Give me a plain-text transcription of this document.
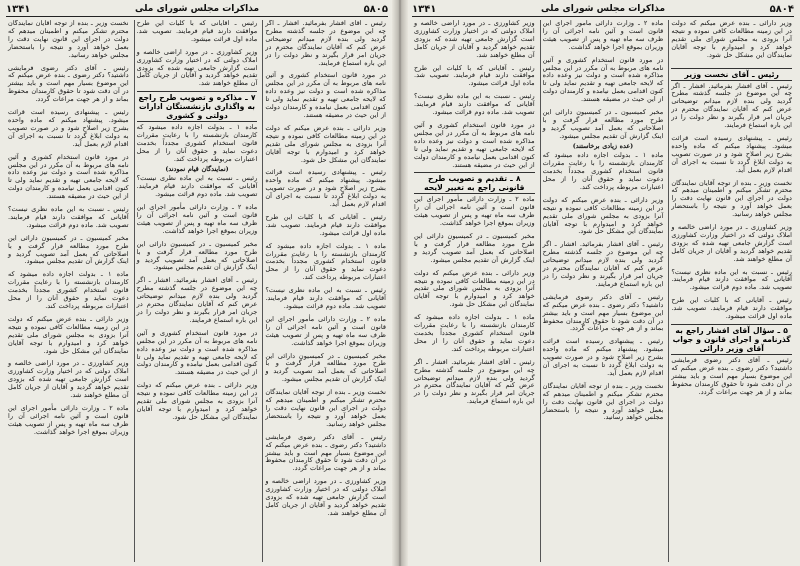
۵۸۰۵
مذاکرات مجلس شورای ملی
۱۳۴۱

رئیس ـ آقای افشار بفرمائید. افشار ـ اگر چه این موضوع در جلسه گذشته مطرح گردید ولی بنده لازم میدانم توضیحاتی عرض کنم که آقایان نمایندگان محترم در جریان امر قرار بگیرند و نظر دولت را در این باره استماع فرمایند.

در مورد قانون استخدام کشوری و آئین نامه های مربوط به آن مکرر در این مجلس مذاکره شده است و دولت نیز وعده داده که لایحه جامعی تهیه و تقدیم نماید ولی تا کنون اقدامی بعمل نیامده و کارمندان دولت از این حیث در مضیقه هستند.

وزیر دارائی ـ بنده عرض میکنم که دولت در این زمینه مطالعات کافی نموده و نتیجه آنرا بزودی به مجلس شورای ملی تقدیم خواهد کرد و امیدوارم با توجه آقایان نمایندگان این مشکل حل شود.

رئیس ـ پیشنهادی رسیده است قرائت میشود. پیشنهاد میکنم که ماده واحده بشرح زیر اصلاح شود و در صورت تصویب به دولت ابلاغ گردد تا نسبت به اجرای آن اقدام لازم بعمل آید.

رئیس ـ آقایانی که با کلیات این طرح موافقت دارند قیام فرمایند. تصویب شد. ماده اول قرائت میشود.

ماده ۱ ـ بدولت اجازه داده میشود که کارمندان بازنشسته را با رعایت مقررات قانون استخدام کشوری مجدداً بخدمت دعوت نماید و حقوق آنان را از محل اعتبارات مربوطه پرداخت کند.

رئیس ـ نسبت به این ماده نظری نیست؟ آقایانی که موافقت دارند قیام فرمایند. تصویب شد. ماده دوم قرائت میشود.

ماده ۲ ـ وزارت دارائی مأمور اجرای این قانون است و آئین نامه اجرائی آن را ظرف سه ماه تهیه و پس از تصویب هیئت وزیران بموقع اجرا خواهد گذاشت.

مخبر کمیسیون ـ در کمیسیون دارائی این طرح مورد مطالعه قرار گرفت و با اصلاحاتی که بعمل آمد تصویب گردید و اینک گزارش آن تقدیم مجلس میشود.

نخست وزیر ـ بنده از توجه آقایان نمایندگان محترم تشکر میکنم و اطمینان میدهم که دولت در اجرای این قانون نهایت دقت را بعمل خواهد آورد و نتیجه را باستحضار مجلس خواهد رسانید.

رئیس ـ آقای دکتر رضوی فرمایشی داشتید؟ دکتر رضوی ـ بنده عرض میکنم که این موضوع بسیار مهم است و باید بیشتر در آن دقت شود تا حقوق کارمندان محفوظ بماند و از هر جهت مراعات گردد.

وزیر کشاورزی ـ در مورد اراضی خالصه و املاک دولتی که در اختیار وزارت کشاورزی است گزارش جامعی تهیه شده که بزودی تقدیم خواهد گردید و آقایان از جریان کامل آن مطلع خواهند شد.

رئیس ـ آقایانی که با کلیات این طرح موافقت دارند قیام فرمایند. تصویب شد. ماده اول قرائت میشود.

وزیر کشاورزی ـ در مورد اراضی خالصه و املاک دولتی که در اختیار وزارت کشاورزی است گزارش جامعی تهیه شده که بزودی تقدیم خواهد گردید و آقایان از جریان کامل آن مطلع خواهند شد.

۷ ـ مذاکره و تصویب طرح راجع به واگذاری بازنشستگان ادارات دولتی و کشوری

ماده ۱ ـ بدولت اجازه داده میشود که کارمندان بازنشسته را با رعایت مقررات قانون استخدام کشوری مجدداً بخدمت دعوت نماید و حقوق آنان را از محل اعتبارات مربوطه پرداخت کند.

(نمایندگان قیام نمودند)

رئیس ـ نسبت به این ماده نظری نیست؟ آقایانی که موافقت دارند قیام فرمایند. تصویب شد. ماده دوم قرائت میشود.

ماده ۲ ـ وزارت دارائی مأمور اجرای این قانون است و آئین نامه اجرائی آن را ظرف سه ماه تهیه و پس از تصویب هیئت وزیران بموقع اجرا خواهد گذاشت.

مخبر کمیسیون ـ در کمیسیون دارائی این طرح مورد مطالعه قرار گرفت و با اصلاحاتی که بعمل آمد تصویب گردید و اینک گزارش آن تقدیم مجلس میشود.

رئیس ـ آقای افشار بفرمائید. افشار ـ اگر چه این موضوع در جلسه گذشته مطرح گردید ولی بنده لازم میدانم توضیحاتی عرض کنم که آقایان نمایندگان محترم در جریان امر قرار بگیرند و نظر دولت را در این باره استماع فرمایند.

در مورد قانون استخدام کشوری و آئین نامه های مربوط به آن مکرر در این مجلس مذاکره شده است و دولت نیز وعده داده که لایحه جامعی تهیه و تقدیم نماید ولی تا کنون اقدامی بعمل نیامده و کارمندان دولت از این حیث در مضیقه هستند.

وزیر دارائی ـ بنده عرض میکنم که دولت در این زمینه مطالعات کافی نموده و نتیجه آنرا بزودی به مجلس شورای ملی تقدیم خواهد کرد و امیدوارم با توجه آقایان نمایندگان این مشکل حل شود.

نخست وزیر ـ بنده از توجه آقایان نمایندگان محترم تشکر میکنم و اطمینان میدهم که دولت در اجرای این قانون نهایت دقت را بعمل خواهد آورد و نتیجه را باستحضار مجلس خواهد رسانید.

رئیس ـ آقای دکتر رضوی فرمایشی داشتید؟ دکتر رضوی ـ بنده عرض میکنم که این موضوع بسیار مهم است و باید بیشتر در آن دقت شود تا حقوق کارمندان محفوظ بماند و از هر جهت مراعات گردد.

رئیس ـ پیشنهادی رسیده است قرائت میشود. پیشنهاد میکنم که ماده واحده بشرح زیر اصلاح شود و در صورت تصویب به دولت ابلاغ گردد تا نسبت به اجرای آن اقدام لازم بعمل آید.

در مورد قانون استخدام کشوری و آئین نامه های مربوط به آن مکرر در این مجلس مذاکره شده است و دولت نیز وعده داده که لایحه جامعی تهیه و تقدیم نماید ولی تا کنون اقدامی بعمل نیامده و کارمندان دولت از این حیث در مضیقه هستند.

رئیس ـ نسبت به این ماده نظری نیست؟ آقایانی که موافقت دارند قیام فرمایند. تصویب شد. ماده دوم قرائت میشود.

مخبر کمیسیون ـ در کمیسیون دارائی این طرح مورد مطالعه قرار گرفت و با اصلاحاتی که بعمل آمد تصویب گردید و اینک گزارش آن تقدیم مجلس میشود.

ماده ۱ ـ بدولت اجازه داده میشود که کارمندان بازنشسته را با رعایت مقررات قانون استخدام کشوری مجدداً بخدمت دعوت نماید و حقوق آنان را از محل اعتبارات مربوطه پرداخت کند.

وزیر دارائی ـ بنده عرض میکنم که دولت در این زمینه مطالعات کافی نموده و نتیجه آنرا بزودی به مجلس شورای ملی تقدیم خواهد کرد و امیدوارم با توجه آقایان نمایندگان این مشکل حل شود.

وزیر کشاورزی ـ در مورد اراضی خالصه و املاک دولتی که در اختیار وزارت کشاورزی است گزارش جامعی تهیه شده که بزودی تقدیم خواهد گردید و آقایان از جریان کامل آن مطلع خواهند شد.

ماده ۲ ـ وزارت دارائی مأمور اجرای این قانون است و آئین نامه اجرائی آن را ظرف سه ماه تهیه و پس از تصویب هیئت وزیران بموقع اجرا خواهد گذاشت.

۵۸۰۴
مذاکرات مجلس شورای ملی
۱۳۴۱

وزیر دارائی ـ بنده عرض میکنم که دولت در این زمینه مطالعات کافی نموده و نتیجه آنرا بزودی به مجلس شورای ملی تقدیم خواهد کرد و امیدوارم با توجه آقایان نمایندگان این مشکل حل شود.

رئیس ـ آقای نخست وزیر

رئیس ـ آقای افشار بفرمائید. افشار ـ اگر چه این موضوع در جلسه گذشته مطرح گردید ولی بنده لازم میدانم توضیحاتی عرض کنم که آقایان نمایندگان محترم در جریان امر قرار بگیرند و نظر دولت را در این باره استماع فرمایند.

رئیس ـ پیشنهادی رسیده است قرائت میشود. پیشنهاد میکنم که ماده واحده بشرح زیر اصلاح شود و در صورت تصویب به دولت ابلاغ گردد تا نسبت به اجرای آن اقدام لازم بعمل آید.

نخست وزیر ـ بنده از توجه آقایان نمایندگان محترم تشکر میکنم و اطمینان میدهم که دولت در اجرای این قانون نهایت دقت را بعمل خواهد آورد و نتیجه را باستحضار مجلس خواهد رسانید.

وزیر کشاورزی ـ در مورد اراضی خالصه و املاک دولتی که در اختیار وزارت کشاورزی است گزارش جامعی تهیه شده که بزودی تقدیم خواهد گردید و آقایان از جریان کامل آن مطلع خواهند شد.

رئیس ـ نسبت به این ماده نظری نیست؟ آقایانی که موافقت دارند قیام فرمایند. تصویب شد. ماده دوم قرائت میشود.

رئیس ـ آقایانی که با کلیات این طرح موافقت دارند قیام فرمایند. تصویب شد. ماده اول قرائت میشود.

۵ ـ سؤال آقای افشار راجع به گذرنامه و اجرای قانون و جواب آقای وزیر دارائی

رئیس ـ آقای دکتر رضوی فرمایشی داشتید؟ دکتر رضوی ـ بنده عرض میکنم که این موضوع بسیار مهم است و باید بیشتر در آن دقت شود تا حقوق کارمندان محفوظ بماند و از هر جهت مراعات گردد.

ماده ۲ ـ وزارت دارائی مأمور اجرای این قانون است و آئین نامه اجرائی آن را ظرف سه ماه تهیه و پس از تصویب هیئت وزیران بموقع اجرا خواهد گذاشت.

در مورد قانون استخدام کشوری و آئین نامه های مربوط به آن مکرر در این مجلس مذاکره شده است و دولت نیز وعده داده که لایحه جامعی تهیه و تقدیم نماید ولی تا کنون اقدامی بعمل نیامده و کارمندان دولت از این حیث در مضیقه هستند.

مخبر کمیسیون ـ در کمیسیون دارائی این طرح مورد مطالعه قرار گرفت و با اصلاحاتی که بعمل آمد تصویب گردید و اینک گزارش آن تقدیم مجلس میشود.

(عده زیادی برخاستند)

ماده ۱ ـ بدولت اجازه داده میشود که کارمندان بازنشسته را با رعایت مقررات قانون استخدام کشوری مجدداً بخدمت دعوت نماید و حقوق آنان را از محل اعتبارات مربوطه پرداخت کند.

وزیر دارائی ـ بنده عرض میکنم که دولت در این زمینه مطالعات کافی نموده و نتیجه آنرا بزودی به مجلس شورای ملی تقدیم خواهد کرد و امیدوارم با توجه آقایان نمایندگان این مشکل حل شود.

رئیس ـ آقای افشار بفرمائید. افشار ـ اگر چه این موضوع در جلسه گذشته مطرح گردید ولی بنده لازم میدانم توضیحاتی عرض کنم که آقایان نمایندگان محترم در جریان امر قرار بگیرند و نظر دولت را در این باره استماع فرمایند.

رئیس ـ آقای دکتر رضوی فرمایشی داشتید؟ دکتر رضوی ـ بنده عرض میکنم که این موضوع بسیار مهم است و باید بیشتر در آن دقت شود تا حقوق کارمندان محفوظ بماند و از هر جهت مراعات گردد.

رئیس ـ پیشنهادی رسیده است قرائت میشود. پیشنهاد میکنم که ماده واحده بشرح زیر اصلاح شود و در صورت تصویب به دولت ابلاغ گردد تا نسبت به اجرای آن اقدام لازم بعمل آید.

نخست وزیر ـ بنده از توجه آقایان نمایندگان محترم تشکر میکنم و اطمینان میدهم که دولت در اجرای این قانون نهایت دقت را بعمل خواهد آورد و نتیجه را باستحضار مجلس خواهد رسانید.

وزیر کشاورزی ـ در مورد اراضی خالصه و املاک دولتی که در اختیار وزارت کشاورزی است گزارش جامعی تهیه شده که بزودی تقدیم خواهد گردید و آقایان از جریان کامل آن مطلع خواهند شد.

رئیس ـ آقایانی که با کلیات این طرح موافقت دارند قیام فرمایند. تصویب شد. ماده اول قرائت میشود.

رئیس ـ نسبت به این ماده نظری نیست؟ آقایانی که موافقت دارند قیام فرمایند. تصویب شد. ماده دوم قرائت میشود.

در مورد قانون استخدام کشوری و آئین نامه های مربوط به آن مکرر در این مجلس مذاکره شده است و دولت نیز وعده داده که لایحه جامعی تهیه و تقدیم نماید ولی تا کنون اقدامی بعمل نیامده و کارمندان دولت از این حیث در مضیقه هستند.

۸ ـ تقدیم و تصویب طرح قانونی راجع به تغییر لایحه

ماده ۲ ـ وزارت دارائی مأمور اجرای این قانون است و آئین نامه اجرائی آن را ظرف سه ماه تهیه و پس از تصویب هیئت وزیران بموقع اجرا خواهد گذاشت.

مخبر کمیسیون ـ در کمیسیون دارائی این طرح مورد مطالعه قرار گرفت و با اصلاحاتی که بعمل آمد تصویب گردید و اینک گزارش آن تقدیم مجلس میشود.

وزیر دارائی ـ بنده عرض میکنم که دولت در این زمینه مطالعات کافی نموده و نتیجه آنرا بزودی به مجلس شورای ملی تقدیم خواهد کرد و امیدوارم با توجه آقایان نمایندگان این مشکل حل شود.

ماده ۱ ـ بدولت اجازه داده میشود که کارمندان بازنشسته را با رعایت مقررات قانون استخدام کشوری مجدداً بخدمت دعوت نماید و حقوق آنان را از محل اعتبارات مربوطه پرداخت کند.

رئیس ـ آقای افشار بفرمائید. افشار ـ اگر چه این موضوع در جلسه گذشته مطرح گردید ولی بنده لازم میدانم توضیحاتی عرض کنم که آقایان نمایندگان محترم در جریان امر قرار بگیرند و نظر دولت را در این باره استماع فرمایند.
